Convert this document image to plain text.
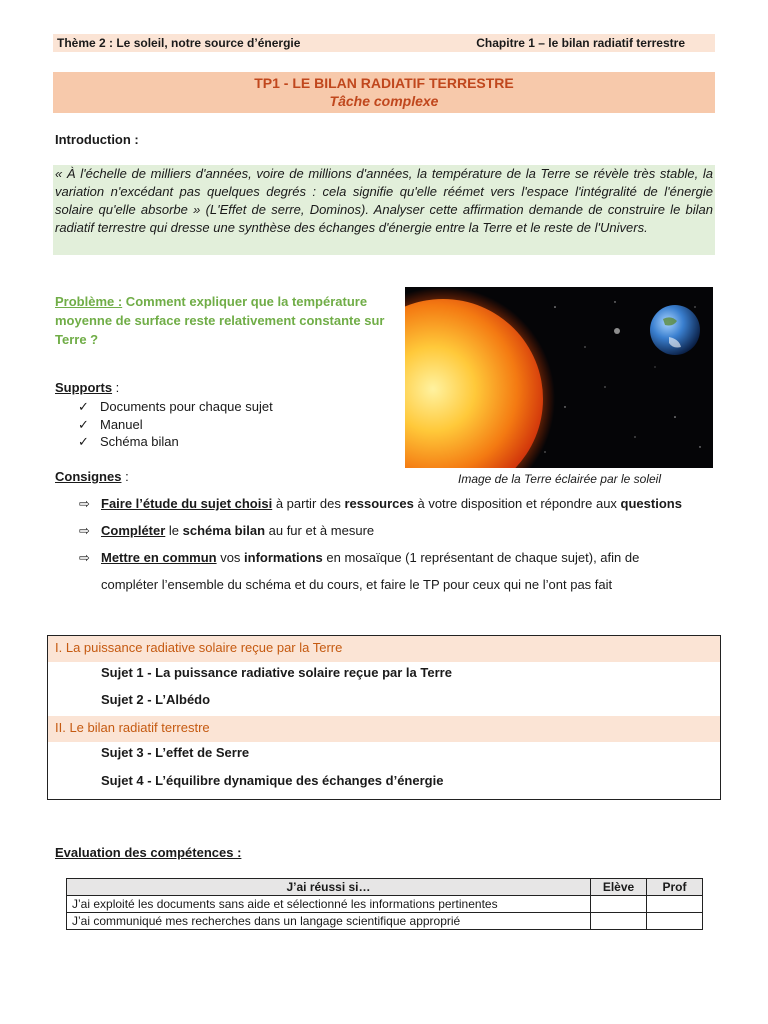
Thème 2 : Le soleil, notre source d’énergie	Chapitre 1 – le bilan radiatif terrestre
TP1 - LE BILAN RADIATIF TERRESTRE
Tâche complexe
Introduction :
« À l'échelle de milliers d'années, voire de millions d'années, la température de la Terre se révèle très stable, la variation n'excédant pas quelques degrés : cela signifie qu'elle réémet vers l'espace l'intégralité de l'énergie solaire qu'elle absorbe » (L'Effet de serre, Dominos). Analyser cette affirmation demande de construire le bilan radiatif terrestre qui dresse une synthèse des échanges d'énergie entre la Terre et le reste de l'Univers.
Problème : Comment expliquer que la température moyenne de surface reste relativement constante sur Terre ?
Image de la Terre éclairée par le soleil
Supports :
✓ Documents pour chaque sujet
✓ Manuel
✓ Schéma bilan
Consignes :
⇨ Faire l’étude du sujet choisi à partir des ressources à votre disposition et répondre aux questions
⇨ Compléter le schéma bilan au fur et à mesure
⇨ Mettre en commun vos informations en mosaïque (1 représentant de chaque sujet), afin de
compléter l’ensemble du schéma et du cours, et faire le TP pour ceux qui ne l’ont pas fait
I. La puissance radiative solaire reçue par la Terre
Sujet 1 - La puissance radiative solaire reçue par la Terre
Sujet 2 - L’Albédo
II. Le bilan radiatif terrestre
Sujet 3 - L’effet de Serre
Sujet 4 - L’équilibre dynamique des échanges d’énergie
Evaluation des compétences :
J’ai réussi si…	Elève	Prof
J’ai exploité les documents sans aide et sélectionné les informations pertinentes		
J’ai communiqué mes recherches dans un langage scientifique approprié		
